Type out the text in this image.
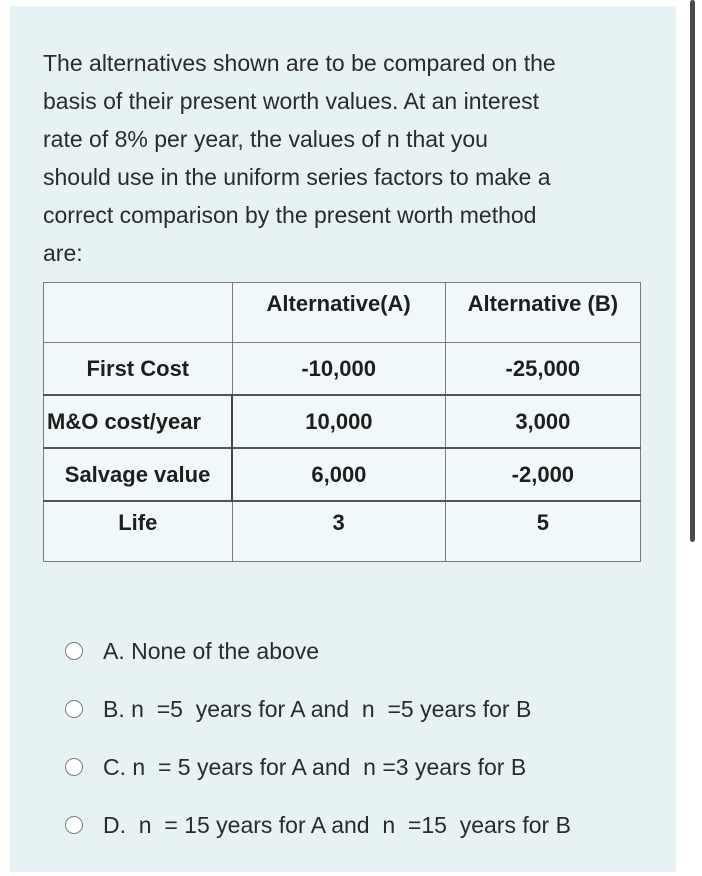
The alternatives shown are to be compared on the
basis of their present worth values. At an interest
rate of 8% per year, the values of n that you
should use in the uniform series factors to make a
correct comparison by the present worth method
are:

	Alternative(A)	Alternative (B)
First Cost	-10,000	-25,000
M&O cost/year	10,000	3,000
Salvage value	6,000	-2,000
Life	3	5
A. None of the above
B. n  =5  years for A and  n  =5 years for B
C. n  = 5 years for A and  n =3 years for B
D.  n  = 15 years for A and  n  =15  years for B
